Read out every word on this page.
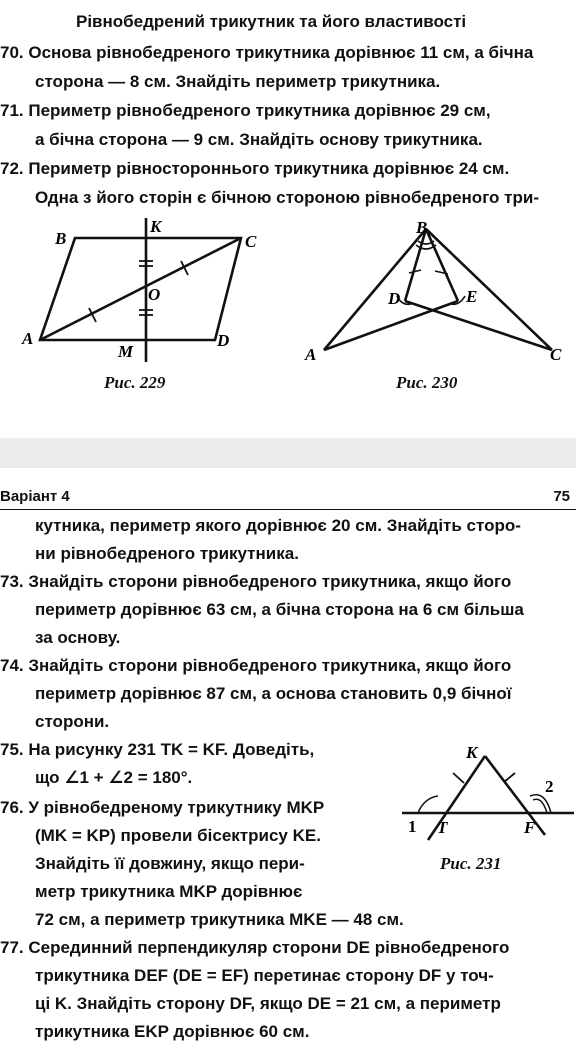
Рівнобедрений трикутник та його властивості
70. Основа рівнобедреного трикутника дорівнює 11 см, а бічна
сторона — 8 см. Знайдіть периметр трикутника.
71. Периметр рівнобедреного трикутника дорівнює 29 см,
а бічна сторона — 9 см. Знайдіть основу трикутника.
72. Периметр рівностороннього трикутника дорівнює 24 см.
Одна з його сторін є бічною стороною рівнобедреного три-
B
K
C
O
A
M
D
B
D	E
A	C
Рис. 229	Рис. 230
Варіант 4	75
кутника, периметр якого дорівнює 20 см. Знайдіть сторо-
ни рівнобедреного трикутника.
73. Знайдіть сторони рівнобедреного трикутника, якщо його
периметр дорівнює 63 см, а бічна сторона на 6 см більша
за основу.
74. Знайдіть сторони рівнобедреного трикутника, якщо його
периметр дорівнює 87 см, а основа становить 0,9 бічної
сторони.
75. На рисунку 231 TK = KF. Доведіть,
що ∠1 + ∠2 = 180°.
76. У рівнобедреному трикутнику MKP
(MK = KP) провели бісектрису KE.
Знайдіть її довжину, якщо пери-
метр трикутника MKP дорівнює
72 см, а периметр трикутника MKE — 48 см.
77. Серединний перпендикуляр сторони DE рівнобедреного
трикутника DEF (DE = EF) перетинає сторону DF у точ-
ці K. Знайдіть сторону DF, якщо DE = 21 см, а периметр
трикутника EKP дорівнює 60 см.
K
T	F
1
2
Рис. 231
